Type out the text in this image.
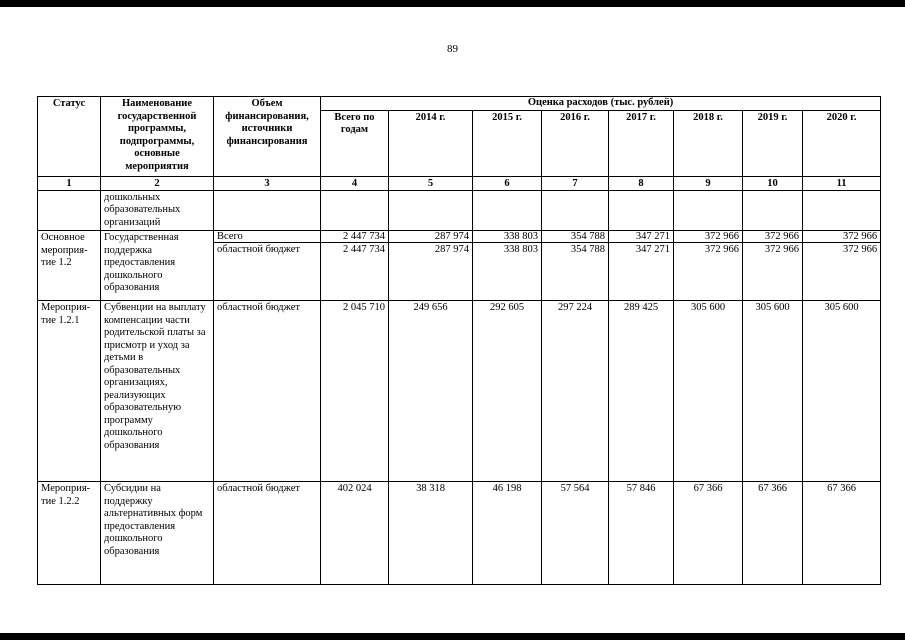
89
Статус	Наименование государственной программы, подпрограммы, основные мероприятия	Объем финансирования, источники финансирования	Оценка расходов (тыс. рублей)							
			Всего по годам	2014 г.	2015 г.	2016 г.	2017 г.	2018 г.	2019 г.	2020 г.
1	2	3	4	5	6	7	8	9	10	11
	дошкольных образовательных организаций									
Основное мероприя-тие 1.2	Государственная поддержка предоставления дошкольного образования	Всего	2 447 734	287 974	338 803	354 788	347 271	372 966	372 966	372 966
		областной бюджет	2 447 734	287 974	338 803	354 788	347 271	372 966	372 966	372 966
Мероприя-тие 1.2.1	Субвенции на выплату компенсации части родительской платы за присмотр и уход за детьми в образовательных организациях, реализующих образовательную программу дошкольного образования	областной бюджет	2 045 710	249 656	292 605	297 224	289 425	305 600	305 600	305 600
Мероприя-тие 1.2.2	Субсидии на поддержку альтернативных форм предоставления дошкольного образования	областной бюджет	402 024	38 318	46 198	57 564	57 846	67 366	67 366	67 366
